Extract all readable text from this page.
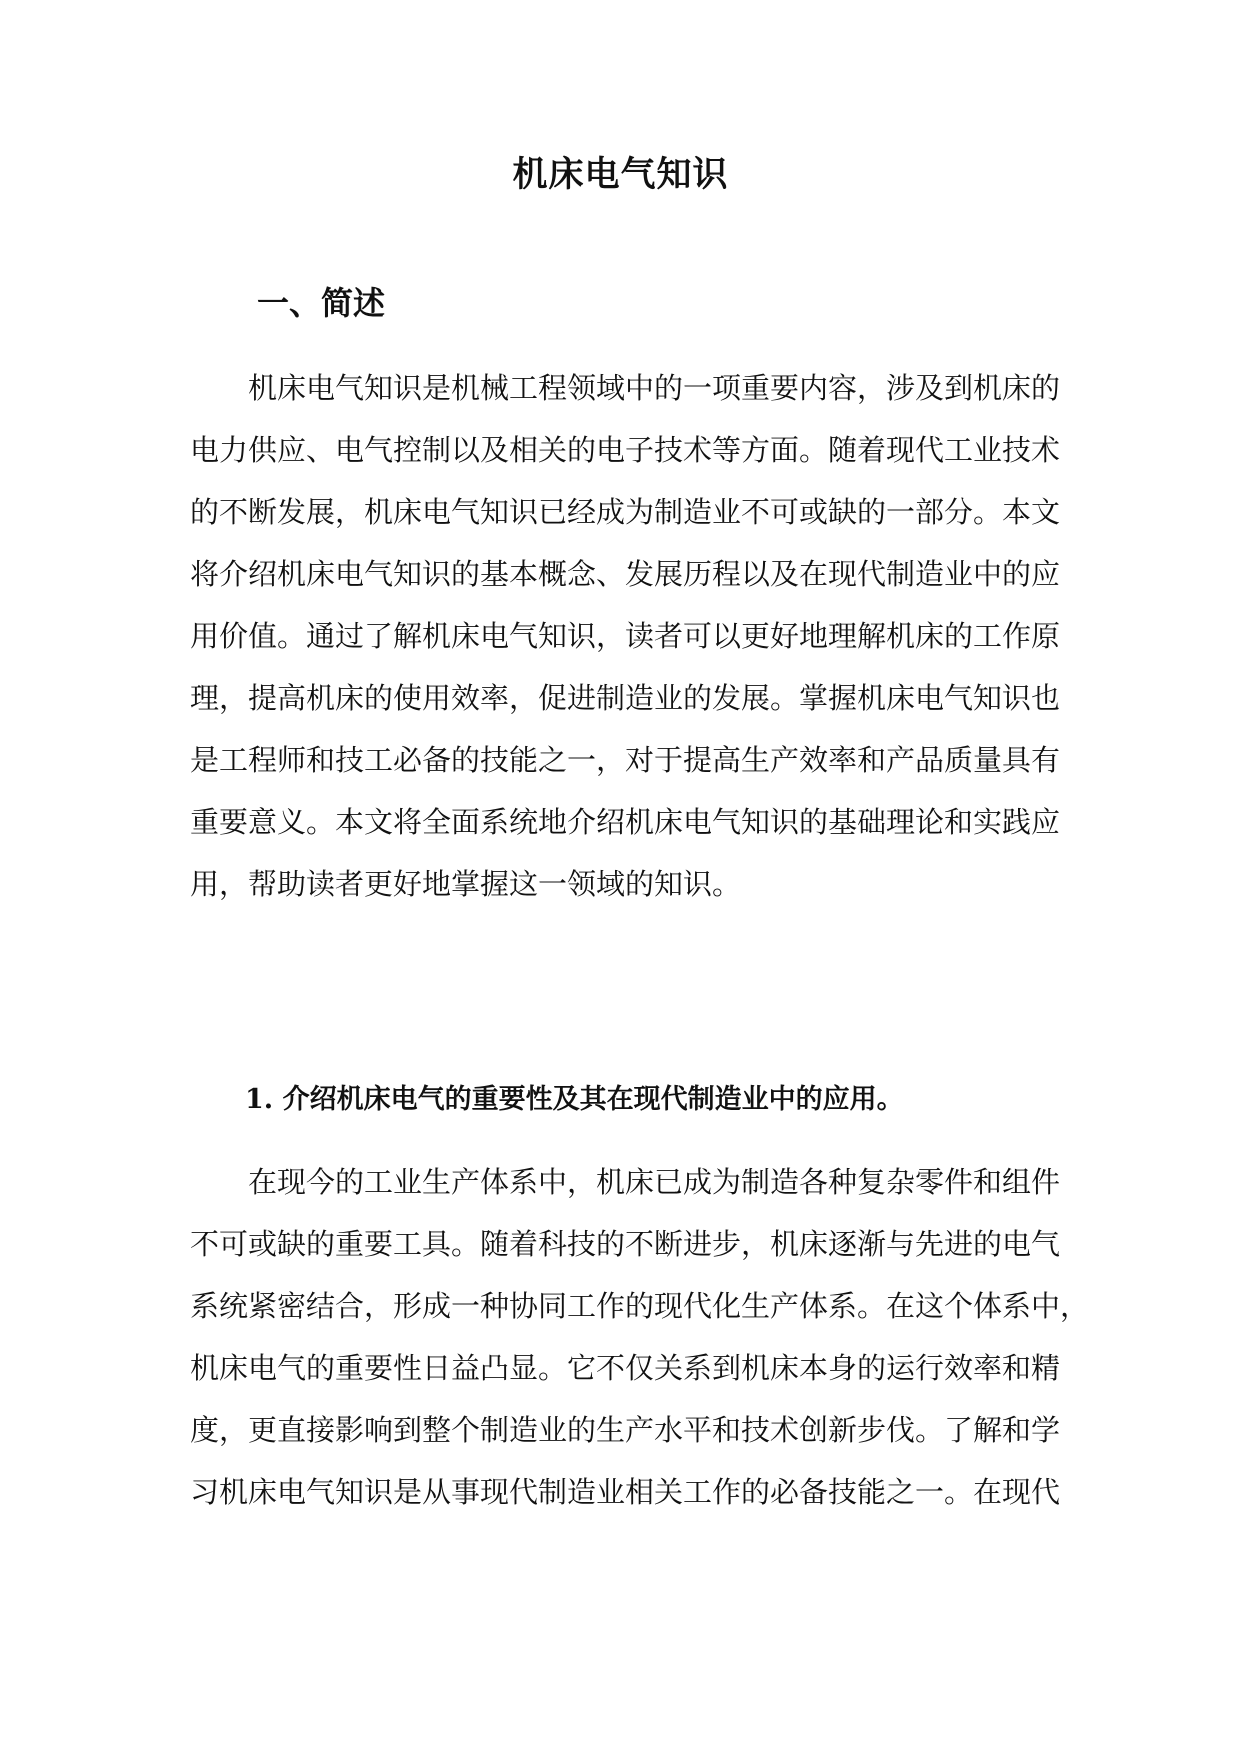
机床电气知识
一、简述
机床电气知识是机械工程领域中的一项重要内容，涉及到机床的
电力供应、电气控制以及相关的电子技术等方面。随着现代工业技术
的不断发展，机床电气知识已经成为制造业不可或缺的一部分。本文
将介绍机床电气知识的基本概念、发展历程以及在现代制造业中的应
用价值。通过了解机床电气知识，读者可以更好地理解机床的工作原
理，提高机床的使用效率，促进制造业的发展。掌握机床电气知识也
是工程师和技工必备的技能之一，对于提高生产效率和产品质量具有
重要意义。本文将全面系统地介绍机床电气知识的基础理论和实践应
用，帮助读者更好地掌握这一领域的知识。
1. 介绍机床电气的重要性及其在现代制造业中的应用。
在现今的工业生产体系中，机床已成为制造各种复杂零件和组件
不可或缺的重要工具。随着科技的不断进步，机床逐渐与先进的电气
系统紧密结合，形成一种协同工作的现代化生产体系。在这个体系中，
机床电气的重要性日益凸显。它不仅关系到机床本身的运行效率和精
度，更直接影响到整个制造业的生产水平和技术创新步伐。了解和学
习机床电气知识是从事现代制造业相关工作的必备技能之一。在现代
